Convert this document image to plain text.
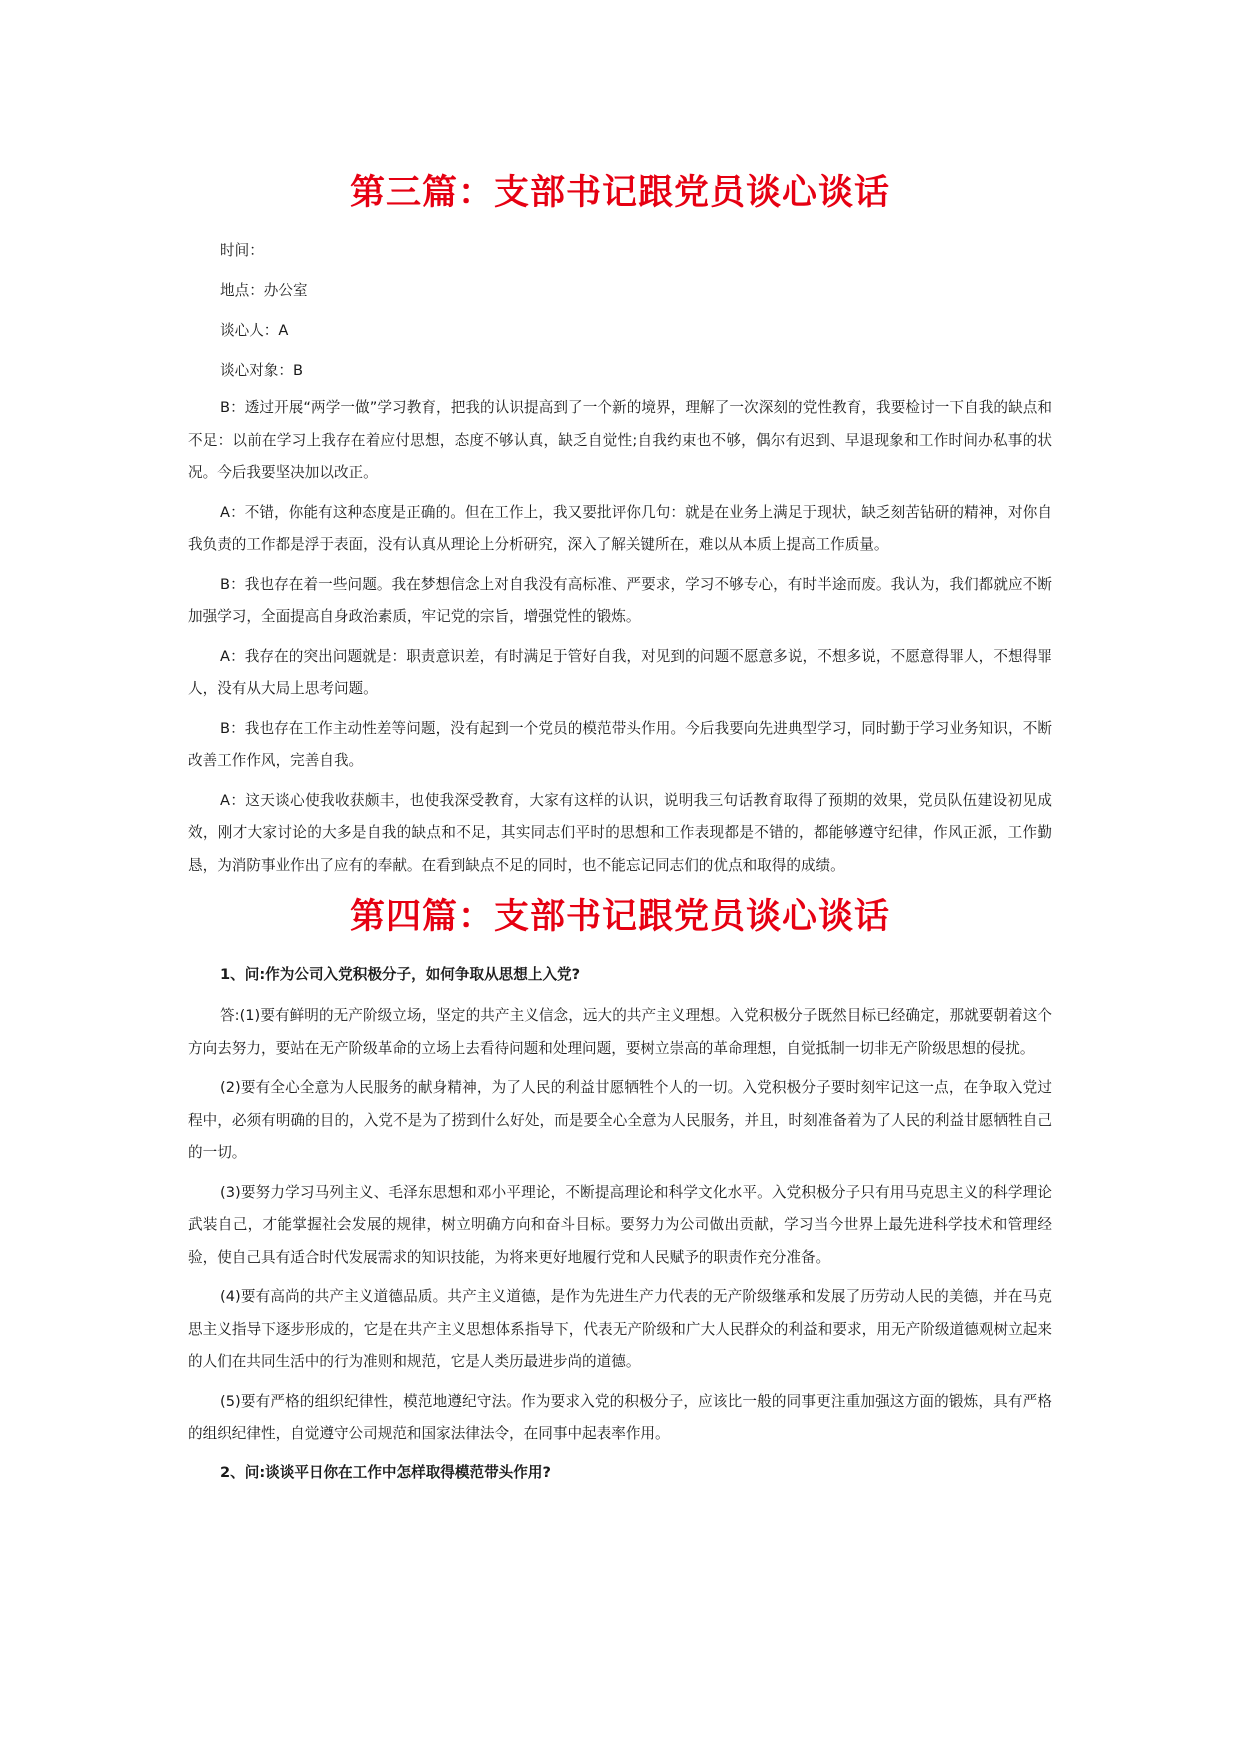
第三篇：支部书记跟党员谈心谈话
时间：
地点：办公室
谈心人：A
谈心对象：B

B：透过开展“两学一做”学习教育，把我的认识提高到了一个新的境界，理解了一次深刻的党性教育，我要检讨一下自我的缺点和不足：以前在学习上我存在着应付思想，态度不够认真，缺乏自觉性;自我约束也不够，偶尔有迟到、早退现象和工作时间办私事的状况。今后我要坚决加以改正。

A：不错，你能有这种态度是正确的。但在工作上，我又要批评你几句：就是在业务上满足于现状，缺乏刻苦钻研的精神，对你自我负责的工作都是浮于表面，没有认真从理论上分析研究，深入了解关键所在，难以从本质上提高工作质量。

B：我也存在着一些问题。我在梦想信念上对自我没有高标准、严要求，学习不够专心，有时半途而废。我认为，我们都就应不断加强学习，全面提高自身政治素质，牢记党的宗旨，增强党性的锻炼。

A：我存在的突出问题就是：职责意识差，有时满足于管好自我，对见到的问题不愿意多说，不想多说，不愿意得罪人，不想得罪人，没有从大局上思考问题。

B：我也存在工作主动性差等问题，没有起到一个党员的模范带头作用。今后我要向先进典型学习，同时勤于学习业务知识，不断改善工作作风，完善自我。

A：这天谈心使我收获颇丰，也使我深受教育，大家有这样的认识，说明我三句话教育取得了预期的效果，党员队伍建设初见成效，刚才大家讨论的大多是自我的缺点和不足，其实同志们平时的思想和工作表现都是不错的，都能够遵守纪律，作风正派，工作勤恳，为消防事业作出了应有的奉献。在看到缺点不足的同时，也不能忘记同志们的优点和取得的成绩。

第四篇：支部书记跟党员谈心谈话
1、问:作为公司入党积极分子，如何争取从思想上入党?

答:(1)要有鲜明的无产阶级立场，坚定的共产主义信念，远大的共产主义理想。入党积极分子既然目标已经确定，那就要朝着这个方向去努力，要站在无产阶级革命的立场上去看待问题和处理问题，要树立崇高的革命理想，自觉抵制一切非无产阶级思想的侵扰。

(2)要有全心全意为人民服务的献身精神，为了人民的利益甘愿牺牲个人的一切。入党积极分子要时刻牢记这一点，在争取入党过程中，必须有明确的目的，入党不是为了捞到什么好处，而是要全心全意为人民服务，并且，时刻准备着为了人民的利益甘愿牺牲自己的一切。

(3)要努力学习马列主义、毛泽东思想和邓小平理论，不断提高理论和科学文化水平。入党积极分子只有用马克思主义的科学理论武装自己，才能掌握社会发展的规律，树立明确方向和奋斗目标。要努力为公司做出贡献，学习当今世界上最先进科学技术和管理经验，使自己具有适合时代发展需求的知识技能，为将来更好地履行党和人民赋予的职责作充分准备。

(4)要有高尚的共产主义道德品质。共产主义道德，是作为先进生产力代表的无产阶级继承和发展了历劳动人民的美德，并在马克思主义指导下逐步形成的，它是在共产主义思想体系指导下，代表无产阶级和广大人民群众的利益和要求，用无产阶级道德观树立起来的人们在共同生活中的行为准则和规范，它是人类历最进步尚的道德。

(5)要有严格的组织纪律性，模范地遵纪守法。作为要求入党的积极分子，应该比一般的同事更注重加强这方面的锻炼，具有严格的组织纪律性，自觉遵守公司规范和国家法律法令，在同事中起表率作用。

2、问:谈谈平日你在工作中怎样取得模范带头作用?
